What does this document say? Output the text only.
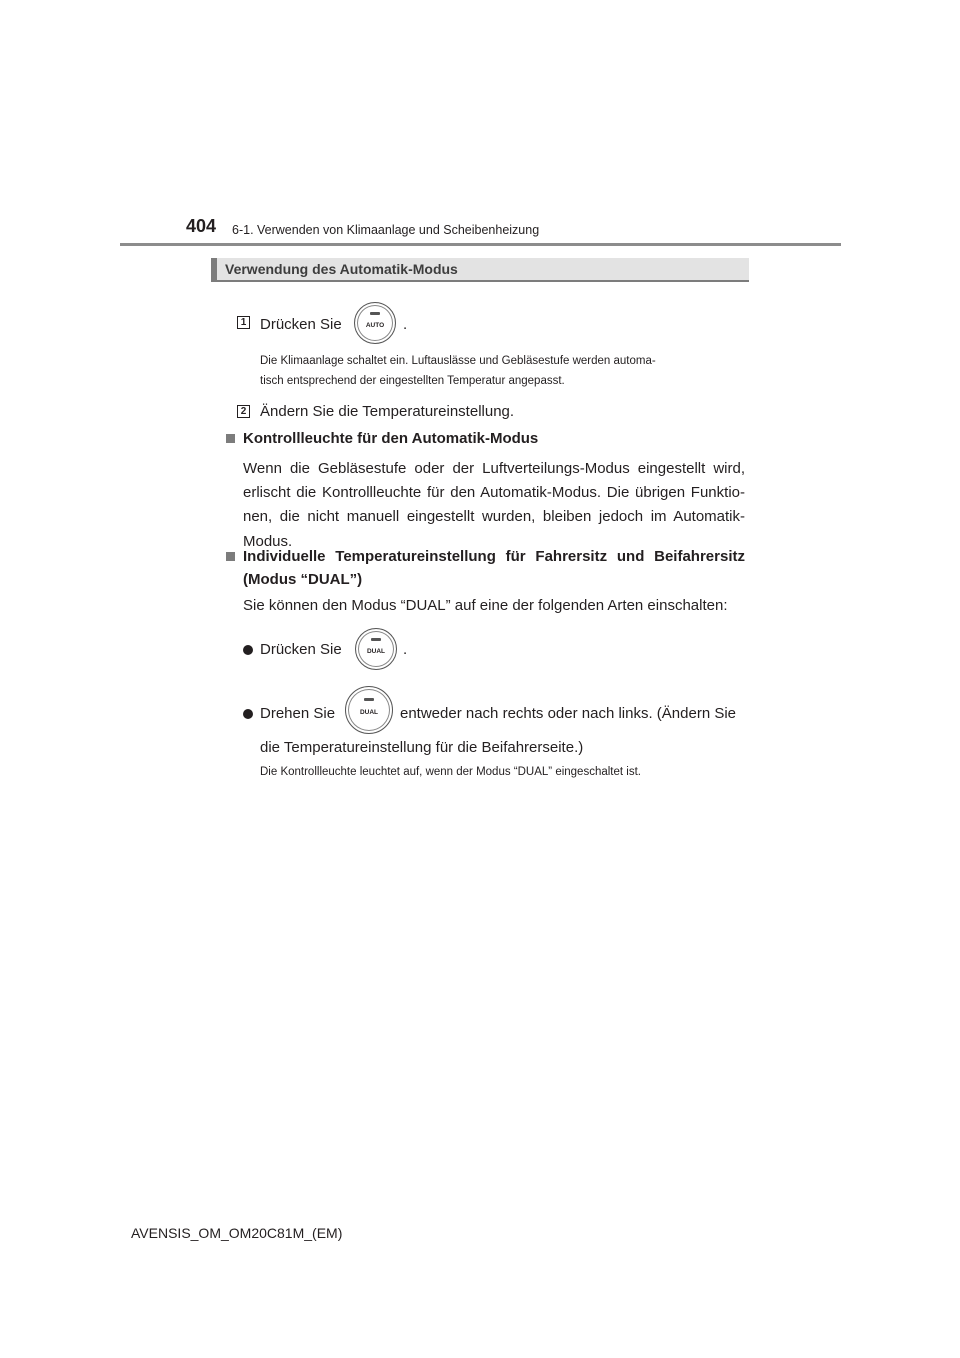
404 6-1. Verwenden von Klimaanlage und Scheibenheizung
Verwendung des Automatik-Modus
1 Drücken Sie	AUTO	.
Die Klimaanlage schaltet ein. Luftauslässe und Gebläsestufe werden automa-
tisch entsprechend der eingestellten Temperatur angepasst.
2 Ändern Sie die Temperatureinstellung.
Kontrollleuchte für den Automatik-Modus
Wenn die Gebläsestufe oder der Luftverteilungs-Modus eingestellt wird,
erlischt die Kontrollleuchte für den Automatik-Modus. Die übrigen Funktio-
nen, die nicht manuell eingestellt wurden, bleiben jedoch im Automatik-
Modus.
Individuelle Temperatureinstellung für Fahrersitz und Beifahrersitz
(Modus “DUAL”)
Sie können den Modus “DUAL” auf eine der folgenden Arten einschalten:
Drücken Sie	DUAL	.
Drehen Sie	DUAL	entweder nach rechts oder nach links. (Ändern Sie
die Temperatureinstellung für die Beifahrerseite.)
Die Kontrollleuchte leuchtet auf, wenn der Modus “DUAL” eingeschaltet ist.
AVENSIS_OM_OM20C81M_(EM)
